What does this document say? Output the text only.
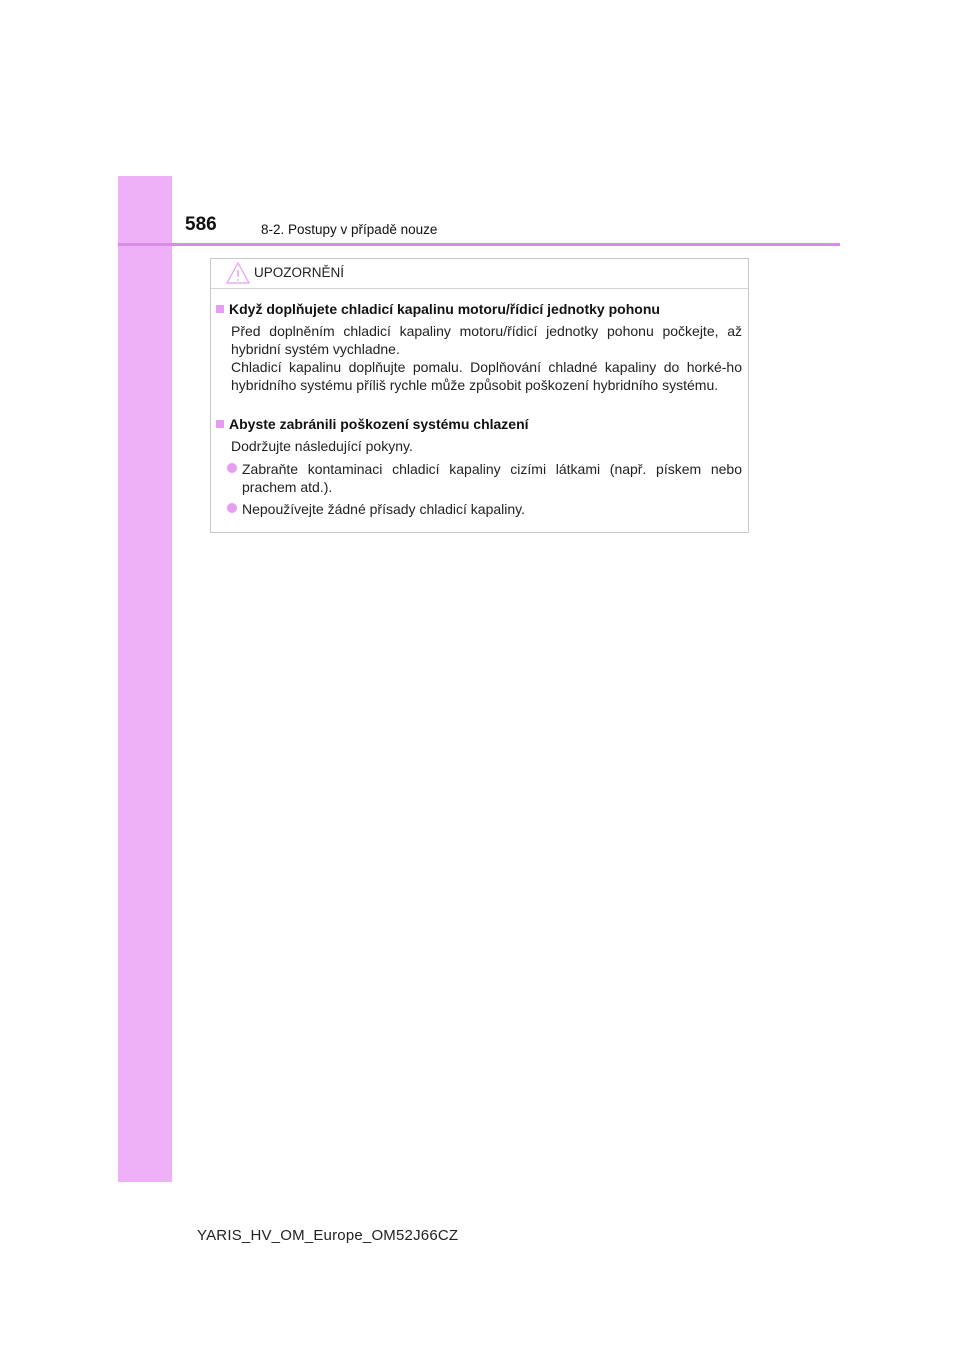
586	8-2. Postupy v případě nouze
UPOZORNĚNÍ
Když doplňujete chladicí kapalinu motoru/řídicí jednotky pohonu
Před doplněním chladicí kapaliny motoru/řídicí jednotky pohonu počkejte, až hybridní systém vychladne.
Chladicí kapalinu doplňujte pomalu. Doplňování chladné kapaliny do horké-ho hybridního systému příliš rychle může způsobit poškození hybridního systému.
Abyste zabránili poškození systému chlazení
Dodržujte následující pokyny.
Zabraňte kontaminaci chladicí kapaliny cizími látkami (např. pískem nebo prachem atd.).
Nepoužívejte žádné přísady chladicí kapaliny.
YARIS_HV_OM_Europe_OM52J66CZ
